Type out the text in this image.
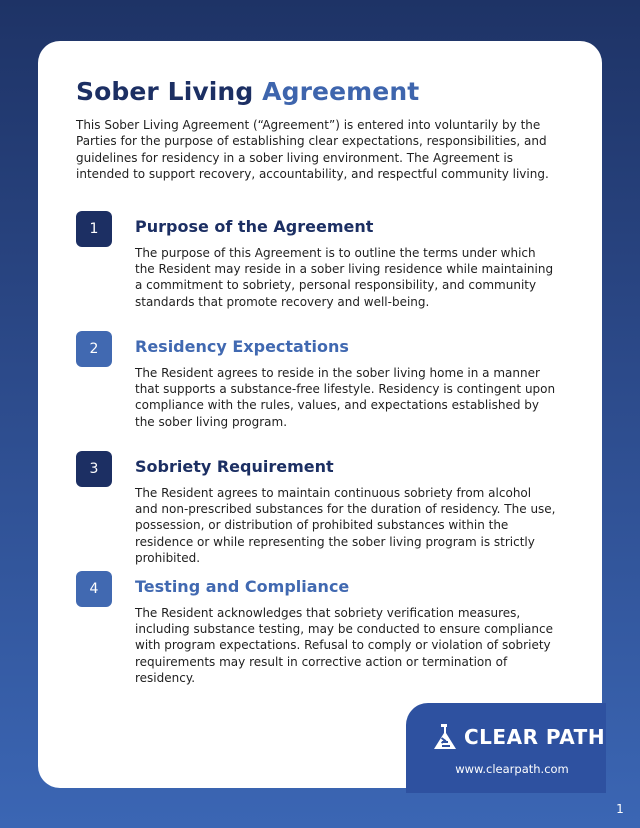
Sober Living Agreement

This Sober Living Agreement (“Agreement”) is entered into voluntarily by the Parties for the purpose of establishing clear expectations, responsibilities, and guidelines for residency in a sober living environment. The Agreement is intended to support recovery, accountability, and respectful community living.

1	Purpose of the Agreement

The purpose of this Agreement is to outline the terms under which the Resident may reside in a sober living residence while maintaining a commitment to sobriety, personal responsibility, and community standards that promote recovery and well-being.

2	Residency Expectations

The Resident agrees to reside in the sober living home in a manner that supports a substance-free lifestyle. Residency is contingent upon compliance with the rules, values, and expectations established by the sober living program.

3	Sobriety Requirement

The Resident agrees to maintain continuous sobriety from alcohol and non-prescribed substances for the duration of residency. The use, possession, or distribution of prohibited substances within the residence or while representing the sober living program is strictly prohibited.

4	Testing and Compliance

The Resident acknowledges that sobriety verification measures, including substance testing, may be conducted to ensure compliance with program expectations. Refusal to comply or violation of sobriety requirements may result in corrective action or termination of residency.

CLEAR PATH
www.clearpath.com
1
